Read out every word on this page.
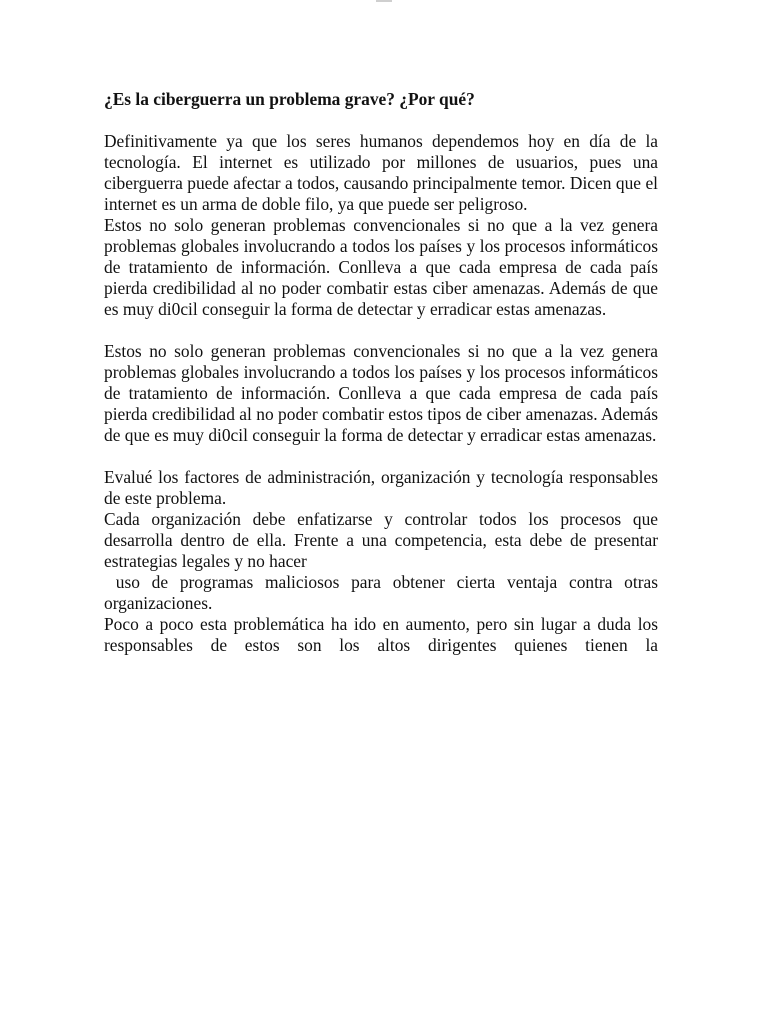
¿Es la ciberguerra un problema grave? ¿Por qué?

Definitivamente ya que los seres humanos dependemos hoy en día de la tecnología. El internet es utilizado por millones de usuarios, pues una ciberguerra puede afectar a todos, causando principalmente temor. Dicen que el internet es un arma de doble filo, ya que puede ser peligroso.

Estos no solo generan problemas convencionales si no que a la vez genera problemas globales involucrando a todos los países y los procesos informáticos de tratamiento de información. Conlleva a que cada empresa de cada país pierda credibilidad al no poder combatir estas ciber amenazas. Además de que es muy di0cil conseguir la forma de detectar y erradicar estas amenazas.

Estos no solo generan problemas convencionales si no que a la vez genera problemas globales involucrando a todos los países y los procesos informáticos de tratamiento de información. Conlleva a que cada empresa de cada país pierda credibilidad al no poder combatir estos tipos de ciber amenazas. Además de que es muy di0cil conseguir la forma de detectar y erradicar estas amenazas.

Evalué los factores de administración, organización y tecnología responsables de este problema.

Cada organización debe enfatizarse y controlar todos los procesos que desarrolla dentro de ella. Frente a una competencia, esta debe de presentar estrategias legales y no hacer

uso de programas maliciosos para obtener cierta ventaja contra otras organizaciones.

Poco a poco esta problemática ha ido en aumento, pero sin lugar a duda los responsables de estos son los altos dirigentes quienes tienen la
